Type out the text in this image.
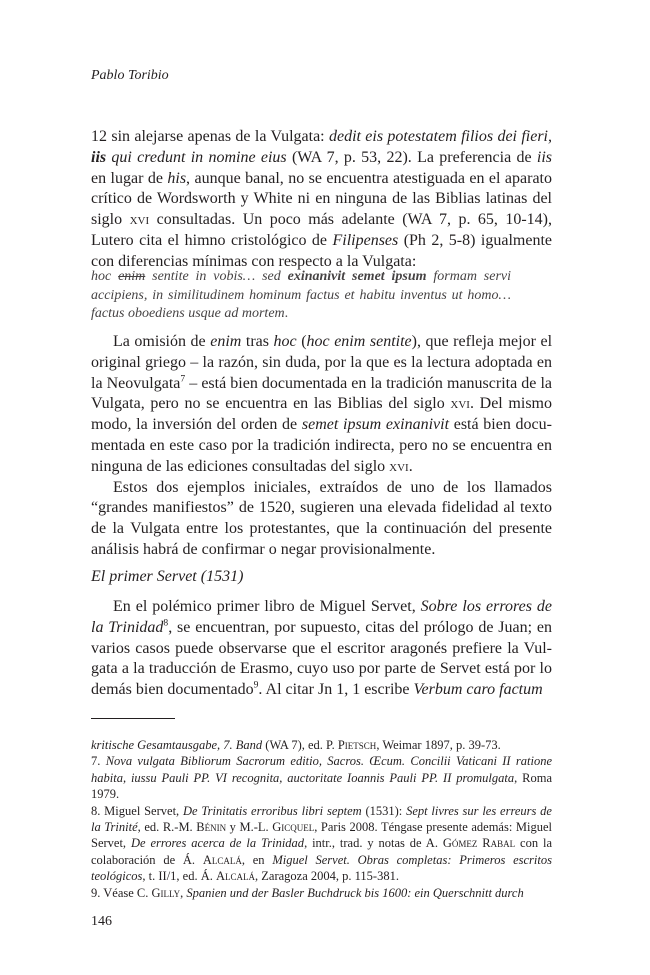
Pablo Toribio

12 sin alejarse apenas de la Vulgata: dedit eis potestatem filios dei fieri, iis qui credunt in nomine eius (WA 7, p. 53, 22). La preferencia de iis en lugar de his, aunque banal, no se encuentra atestiguada en el aparato crítico de Wordsworth y White ni en ninguna de las Biblias latinas del siglo xvi consultadas. Un poco más adelante (WA 7, p. 65, 10-14), Lutero cita el himno cristológico de Filipenses (Ph 2, 5-8) igualmente con diferencias mínimas con respecto a la Vulgata:

hoc enim sentite in vobis… sed exinanivit semet ipsum formam servi accipiens, in similitudinem hominum factus et habitu inventus ut homo… factus oboediens usque ad mortem.

La omisión de enim tras hoc (hoc enim sentite), que refleja mejor el original griego – la razón, sin duda, por la que es la lectura adoptada en la Neovulgata$^7$ – está bien documentada en la tradición manuscrita de la Vulgata, pero no se encuentra en las Biblias del siglo xvi. Del mismo modo, la inversión del orden de semet ipsum exinanivit está bien documentada en este caso por la tradición indirecta, pero no se encuentra en ninguna de las ediciones consultadas del siglo xvi.

Estos dos ejemplos iniciales, extraídos de uno de los llamados “grandes manifiestos” de 1520, sugieren una elevada fidelidad al texto de la Vulgata entre los protestantes, que la continuación del presente análisis habrá de confirmar o negar provisionalmente.

El primer Servet (1531)

En el polémico primer libro de Miguel Servet, Sobre los errores de la Trinidad$^8$, se encuentran, por supuesto, citas del prólogo de Juan; en varios casos puede observarse que el escritor aragonés prefiere la Vulgata a la traducción de Erasmo, cuyo uso por parte de Servet está por lo demás bien documentado$^9$. Al citar Jn 1, 1 escribe Verbum caro factum

kritische Gesamtausgabe, 7. Band (WA 7), ed. P. Pietsch, Weimar 1897, p. 39-73.

7. Nova vulgata Bibliorum Sacrorum editio, Sacros. Œcum. Concilii Vaticani II ratione habita, iussu Pauli PP. VI recognita, auctoritate Ioannis Pauli PP. II promulgata, Roma 1979.

8. Miguel Servet, De Trinitatis erroribus libri septem (1531): Sept livres sur les erreurs de la Trinité, ed. R.-M. Bénin y M.-L. Gicquel, Paris 2008. Téngase presente además: Miguel Servet, De errores acerca de la Trinidad, intr., trad. y notas de A. Gómez Rabal con la colaboración de Á. Alcalá, en Miguel Servet. Obras completas: Primeros escritos teológicos, t. II/1, ed. Á. Alcalá, Zaragoza 2004, p. 115-381.

9. Véase C. Gilly, Spanien und der Basler Buchdruck bis 1600: ein Querschnitt durch

146
